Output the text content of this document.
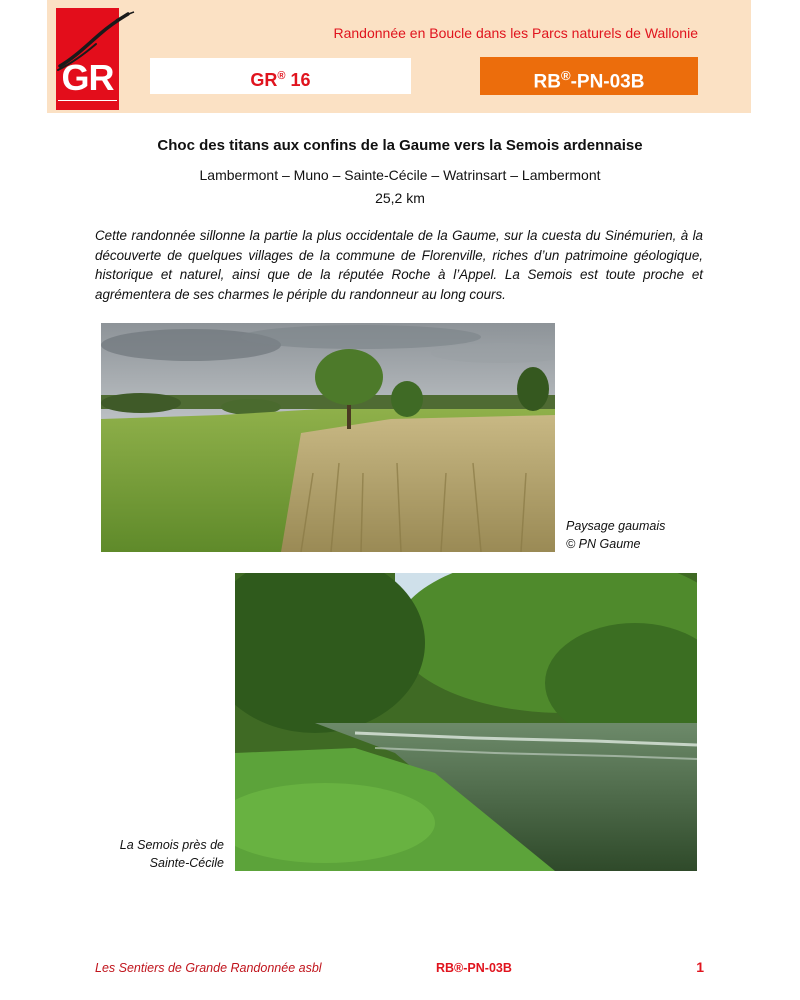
GR
Randonnée en Boucle dans les Parcs naturels de Wallonie
GR® 16	RB®-PN-03B
Choc des titans aux confins de la Gaume vers la Semois ardennaise
Lambermont – Muno – Sainte-Cécile – Watrinsart – Lambermont
25,2 km

Cette randonnée sillonne la partie la plus occidentale de la Gaume, sur la cuesta du Sinémurien, à la découverte de quelques villages de la commune de Florenville, riches d’un patrimoine géologique, historique et naturel, ainsi que de la réputée Roche à l’Appel. La Semois est toute proche et agrémentera de ses charmes le périple du randonneur au long cours.

Paysage gaumais
© PN Gaume
La Semois près de
Sainte-Cécile
Les Sentiers de Grande Randonnée asbl	RB®-PN-03B	1
